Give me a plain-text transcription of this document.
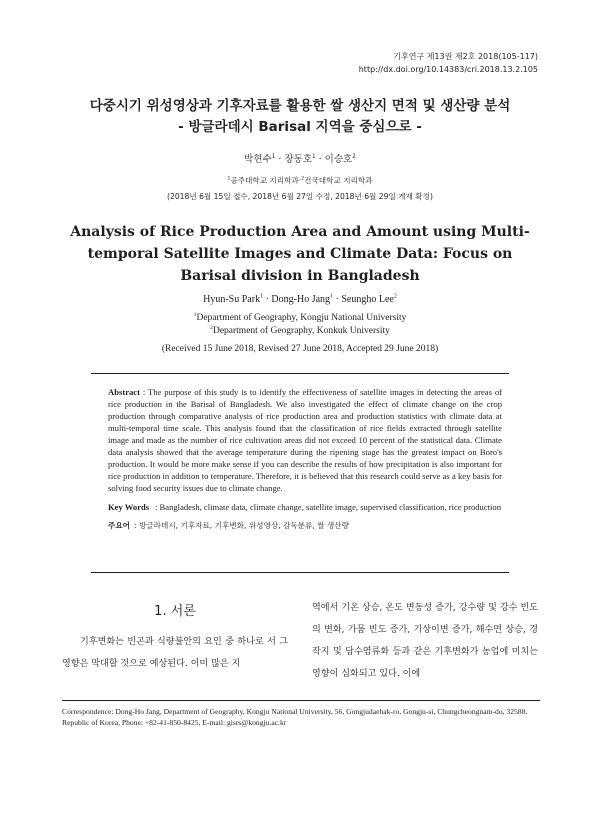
기후연구 제13권 제2호 2018(105-117)
http://dx.doi.org/10.14383/cri.2018.13.2.105
다중시기 위성영상과 기후자료를 활용한 쌀 생산지 면적 및 생산량 분석
- 방글라데시 Barisal 지역을 중심으로 -
박현수$^1$ · 장동호$^1$ · 이승호$^2$
$^1$공주대학교 지리학과·$^2$건국대학교 지리학과
(2018년 6월 15일 접수, 2018년 6월 27일 수정, 2018년 6월 29일 게재 확정)
Analysis of Rice Production Area and Amount using Multi-temporal Satellite Images and Climate Data: Focus on Barisal division in Bangladesh
Hyun-Su Park$^1$ · Dong-Ho Jang$^1$ · Seungho Lee$^2$
$^1$Department of Geography, Kongju National University
$^2$Department of Geography, Konkuk University
(Received 15 June 2018, Revised 27 June 2018, Accepted 29 June 2018)

Abstract : The purpose of this study is to identify the effectiveness of satellite images in detecting the areas of rice production in the Barisal of Bangladesh. We also investigated the effect of climate change on the crop production through comparative analysis of rice production area and production statistics with climate data at multi-temporal time scale. This analysis found that the classification of rice fields extracted through satellite image and made as the number of rice cultivation areas did not exceed 10 percent of the statistical data. Climate data analysis showed that the average temperature during the ripening stage has the greatest impact on Boro's production. It would be more make sense if you can describe the results of how precipitation is also important for rice production in addition to temperature. Therefore, it is believed that this research could serve as a key basis for solving food security issues due to climate change.

Key Words : Bangladesh, climate data, climate change, satellite image, supervised classification, rice production
주요어 : 방글라데시, 기후자료, 기후변화, 위성영상, 감독분류, 쌀 생산량
1. 서론
기후변화는 빈곤과 식량불안의 요인 중 하나로 서 그 영향은 막대할 것으로 예상된다. 이미 많은 지
역에서 기온 상승, 온도 변동성 증가, 강수량 및 강수 빈도의 변화, 가뭄 빈도 증가, 기상이변 증가, 해수면 상승, 경작지 및 담수염류화 등과 같은 기후변화가 농업에 미치는 영향이 심화되고 있다. 이에
Correspondence: Dong-Ho Jang, Department of Geography, Kongju National University, 56, Gongjudaehak-ro, Gongju-si, Chungcheongnam-do, 32588, Republic of Korea, Phone: +82-41-850-8425, E-mail: gisrs@kongju.ac.kr
